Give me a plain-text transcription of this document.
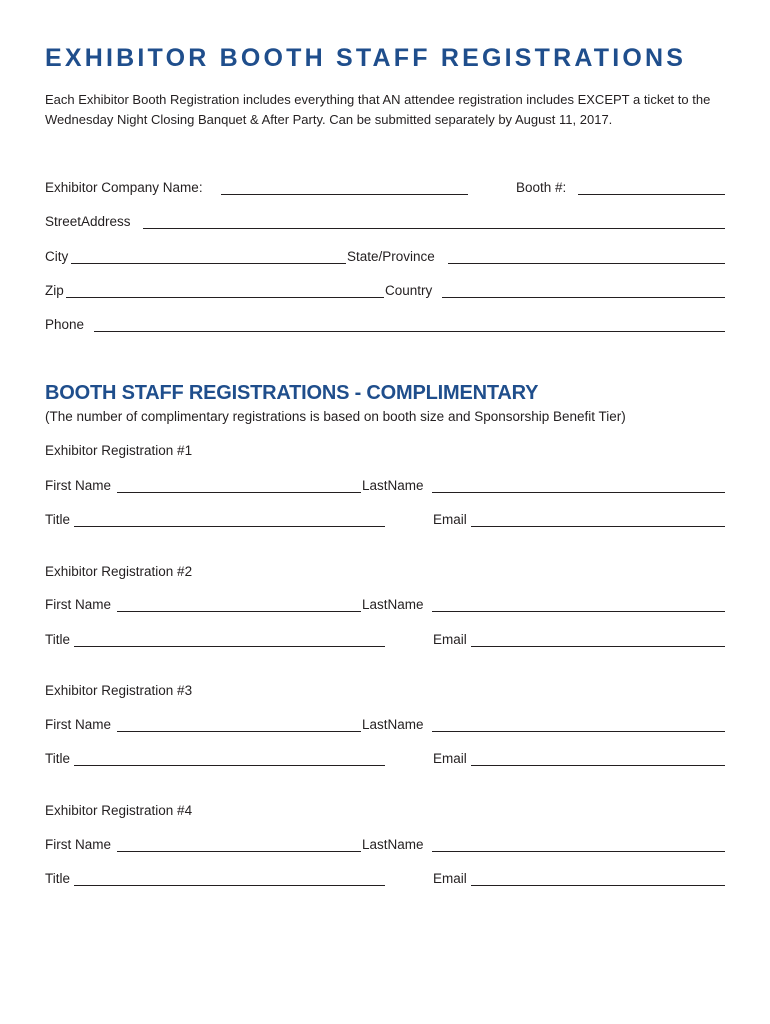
EXHIBITOR BOOTH STAFF REGISTRATIONS

Each Exhibitor Booth Registration includes everything that AN attendee registration includes EXCEPT a ticket to the Wednesday Night Closing Banquet & After Party. Can be submitted separately by August 11, 2017.

Exhibitor Company Name:	Booth #:
StreetAddress
City	State/Province
Zip	Country
Phone
BOOTH STAFF REGISTRATIONS - COMPLIMENTARY
(The number of complimentary registrations is based on booth size and Sponsorship Benefit Tier)
Exhibitor Registration #1
First Name	LastName
Title	Email
Exhibitor Registration #2
First Name	LastName
Title	Email
Exhibitor Registration #3
First Name	LastName
Title	Email
Exhibitor Registration #4
First Name	LastName
Title	Email
